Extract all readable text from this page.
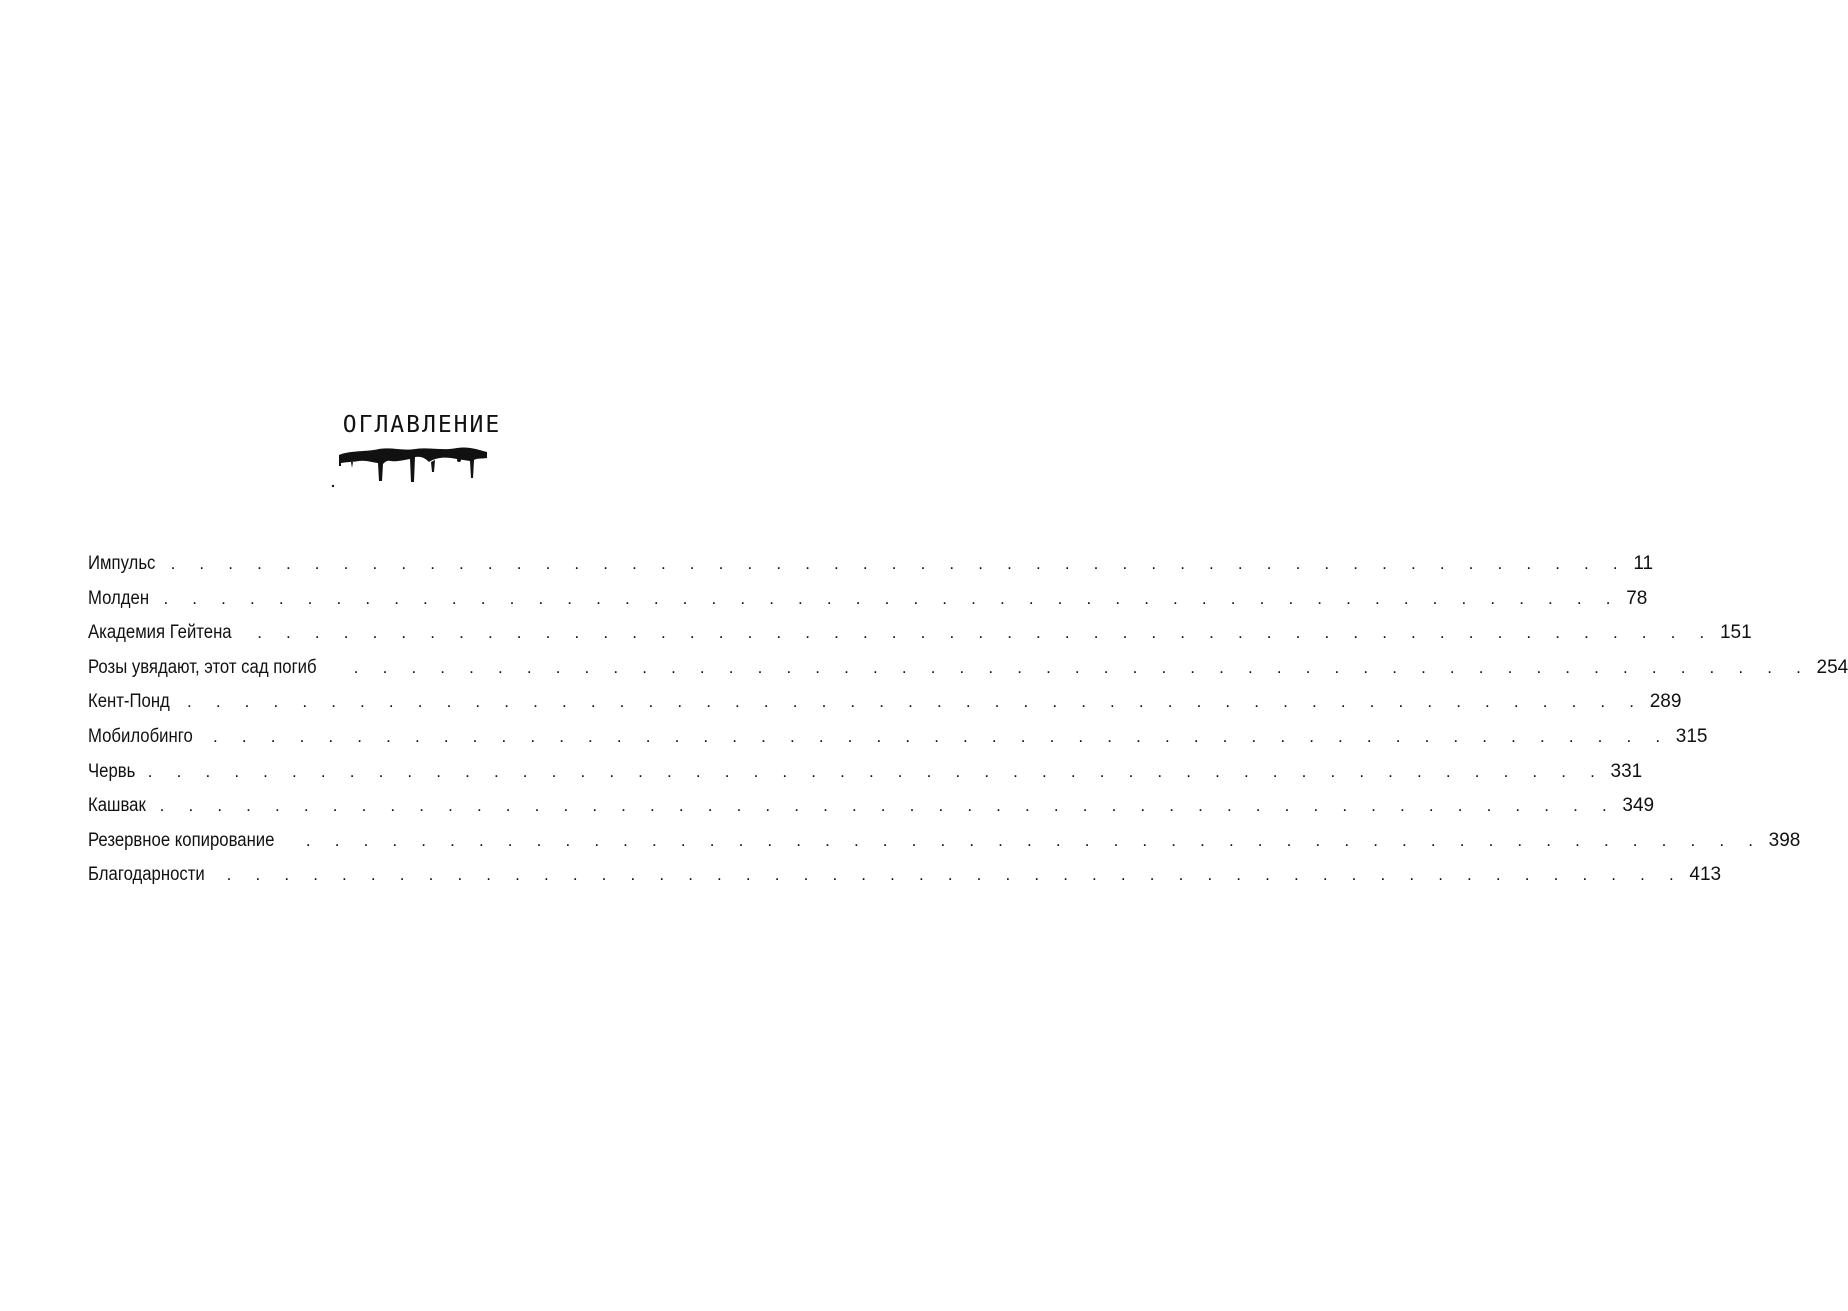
ОГЛАВЛЕНИЕ
Импульс . . . . . . . . . . . . . . . . . . . . . . . . . . . . . . . . . . . . . . . . . . . . . . . . . . . 11
Молден . . . . . . . . . . . . . . . . . . . . . . . . . . . . . . . . . . . . . . . . . . . . . . . . . . . 78
Академия Гейтена	. . . . . . . . . . . . . . . . . . . . . . . . . . . . . . . . . . . . . . . . . . . . . . . . . . . 151
Розы увядают, этот сад погиб	. . . . . . . . . . . . . . . . . . . . . . . . . . . . . . . . . . . . . . . . . . . . . . . . . . . 254
Кент-Понд	. . . . . . . . . . . . . . . . . . . . . . . . . . . . . . . . . . . . . . . . . . . . . . . . . . . 289
Мобилобинго	. . . . . . . . . . . . . . . . . . . . . . . . . . . . . . . . . . . . . . . . . . . . . . . . . . . 315
Червь . . . . . . . . . . . . . . . . . . . . . . . . . . . . . . . . . . . . . . . . . . . . . . . . . . . 331
Кашвак . . . . . . . . . . . . . . . . . . . . . . . . . . . . . . . . . . . . . . . . . . . . . . . . . . . 349
Резервное копирование	. . . . . . . . . . . . . . . . . . . . . . . . . . . . . . . . . . . . . . . . . . . . . . . . . . . 398
Благодарности	. . . . . . . . . . . . . . . . . . . . . . . . . . . . . . . . . . . . . . . . . . . . . . . . . . . 413
